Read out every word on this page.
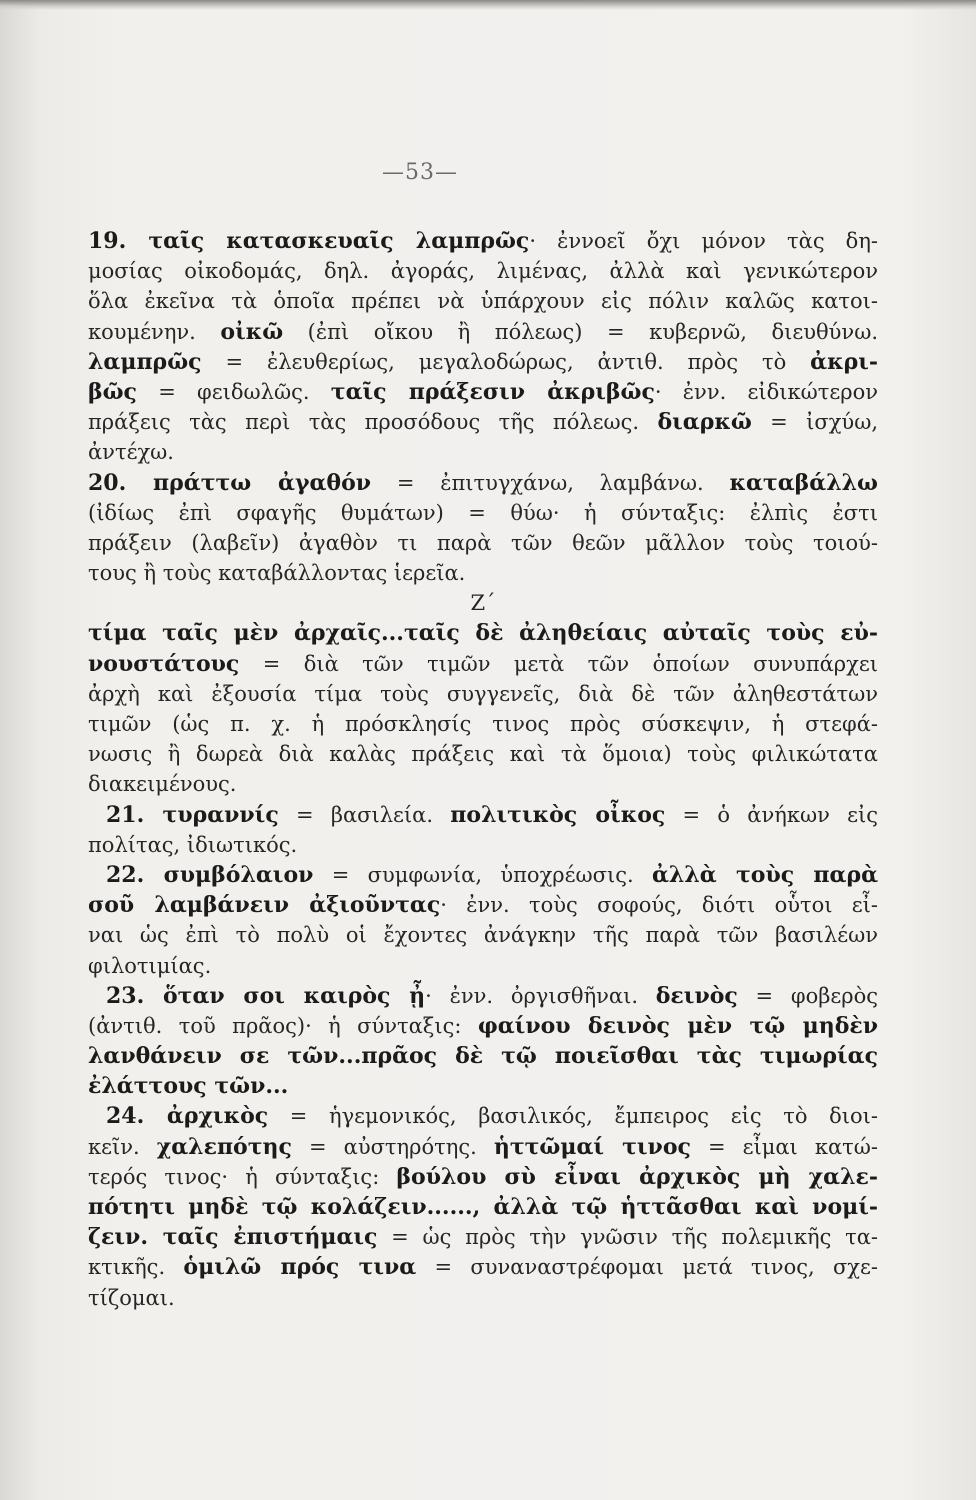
—53—
19. ταῖς κατασκευαῖς λαμπρῶς· ἐννοεῖ ὄχι μόνον τὰς δη-
μοσίας οἰκοδομάς, δηλ. ἀγοράς, λιμένας, ἀλλὰ καὶ γενικώτερον
ὅλα ἐκεῖνα τὰ ὁποῖα πρέπει νὰ ὑπάρχουν εἰς πόλιν καλῶς κατοι-
κουμένην. οἰκῶ (ἐπὶ οἴκου ἢ πόλεως) = κυβερνῶ, διευθύνω.
λαμπρῶς = ἐλευθερίως, μεγαλοδώρως, ἀντιθ. πρὸς τὸ ἀκρι-
βῶς = φειδωλῶς. ταῖς πράξεσιν ἀκριβῶς· ἐνν. εἰδικώτερον
πράξεις τὰς περὶ τὰς προσόδους τῆς πόλεως. διαρκῶ = ἰσχύω,
ἀντέχω.
20. πράττω ἀγαθόν = ἐπιτυγχάνω, λαμβάνω. καταβάλλω
(ἰδίως ἐπὶ σφαγῆς θυμάτων) = θύω· ἡ σύνταξις: ἐλπὶς ἐστι
πράξειν (λαβεῖν) ἀγαθὸν τι παρὰ τῶν θεῶν μᾶλλον τοὺς τοιού-
τους ἢ τοὺς καταβάλλοντας ἱερεῖα.
Ζ΄
τίμα ταῖς μὲν ἀρχαῖς...ταῖς δὲ ἀληθείαις αὐταῖς τοὺς εὐ-
νουστάτους = διὰ τῶν τιμῶν μετὰ τῶν ὁποίων συνυπάρχει
ἀρχὴ καὶ ἐξουσία τίμα τοὺς συγγενεῖς, διὰ δὲ τῶν ἀληθεστάτων
τιμῶν (ὡς π. χ. ἡ πρόσκλησίς τινος πρὸς σύσκεψιν, ἡ στεφά-
νωσις ἢ δωρεὰ διὰ καλὰς πράξεις καὶ τὰ ὅμοια) τοὺς φιλικώτατα
διακειμένους.
21. τυραννίς = βασιλεία. πολιτικὸς οἶκος = ὁ ἀνήκων εἰς
πολίτας, ἰδιωτικός.
22. συμβόλαιον = συμφωνία, ὑποχρέωσις. ἀλλὰ τοὺς παρὰ
σοῦ λαμβάνειν ἀξιοῦντας· ἐνν. τοὺς σοφούς, διότι οὗτοι εἶ-
ναι ὡς ἐπὶ τὸ πολὺ οἱ ἔχοντες ἀνάγκην τῆς παρὰ τῶν βασιλέων
φιλοτιμίας.
23. ὅταν σοι καιρὸς ᾖ· ἐνν. ὀργισθῆναι. δεινὸς = φοβερὸς
(ἀντιθ. τοῦ πρᾶος)· ἡ σύνταξις: φαίνου δεινὸς μὲν τῷ μηδὲν
λανθάνειν σε τῶν...πρᾶος δὲ τῷ ποιεῖσθαι τὰς τιμωρίας
ἐλάττους τῶν...
24. ἀρχικὸς = ἡγεμονικός, βασιλικός, ἔμπειρος εἰς τὸ διοι-
κεῖν. χαλεπότης = αὐστηρότης. ἡττῶμαί τινος = εἶμαι κατώ-
τερός τινος· ἡ σύνταξις: βούλου σὺ εἶναι ἀρχικὸς μὴ χαλε-
πότητι μηδὲ τῷ κολάζειν......, ἀλλὰ τῷ ἡττᾶσθαι καὶ νομί-
ζειν. ταῖς ἐπιστήμαις = ὡς πρὸς τὴν γνῶσιν τῆς πολεμικῆς τα-
κτικῆς. ὁμιλῶ πρός τινα = συναναστρέφομαι μετά τινος, σχε-
τίζομαι.
